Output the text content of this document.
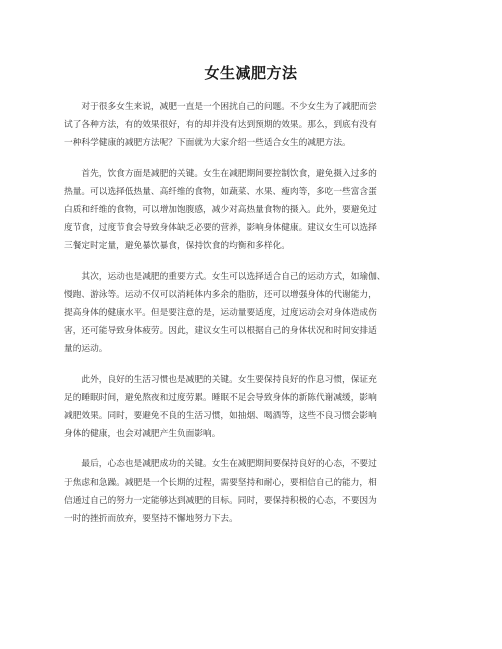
女生减肥方法

　　对于很多女生来说，减肥一直是一个困扰自己的问题。不少女生为了减肥而尝
试了各种方法，有的效果很好，有的却并没有达到预期的效果。那么，到底有没有
一种科学健康的减肥方法呢？下面就为大家介绍一些适合女生的减肥方法。

　　首先，饮食方面是减肥的关键。女生在减肥期间要控制饮食，避免摄入过多的
热量。可以选择低热量、高纤维的食物，如蔬菜、水果、瘦肉等，多吃一些富含蛋
白质和纤维的食物，可以增加饱腹感，减少对高热量食物的摄入。此外，要避免过
度节食，过度节食会导致身体缺乏必要的营养，影响身体健康。建议女生可以选择
三餐定时定量，避免暴饮暴食，保持饮食的均衡和多样化。

　　其次，运动也是减肥的重要方式。女生可以选择适合自己的运动方式，如瑜伽、
慢跑、游泳等。运动不仅可以消耗体内多余的脂肪，还可以增强身体的代谢能力，
提高身体的健康水平。但是要注意的是，运动量要适度，过度运动会对身体造成伤
害，还可能导致身体疲劳。因此，建议女生可以根据自己的身体状况和时间安排适
量的运动。

　　此外，良好的生活习惯也是减肥的关键。女生要保持良好的作息习惯，保证充
足的睡眠时间，避免熬夜和过度劳累。睡眠不足会导致身体的新陈代谢减缓，影响
减肥效果。同时，要避免不良的生活习惯，如抽烟、喝酒等，这些不良习惯会影响
身体的健康，也会对减肥产生负面影响。

　　最后，心态也是减肥成功的关键。女生在减肥期间要保持良好的心态，不要过
于焦虑和急躁。减肥是一个长期的过程，需要坚持和耐心，要相信自己的能力，相
信通过自己的努力一定能够达到减肥的目标。同时，要保持积极的心态，不要因为
一时的挫折而放弃，要坚持不懈地努力下去。
